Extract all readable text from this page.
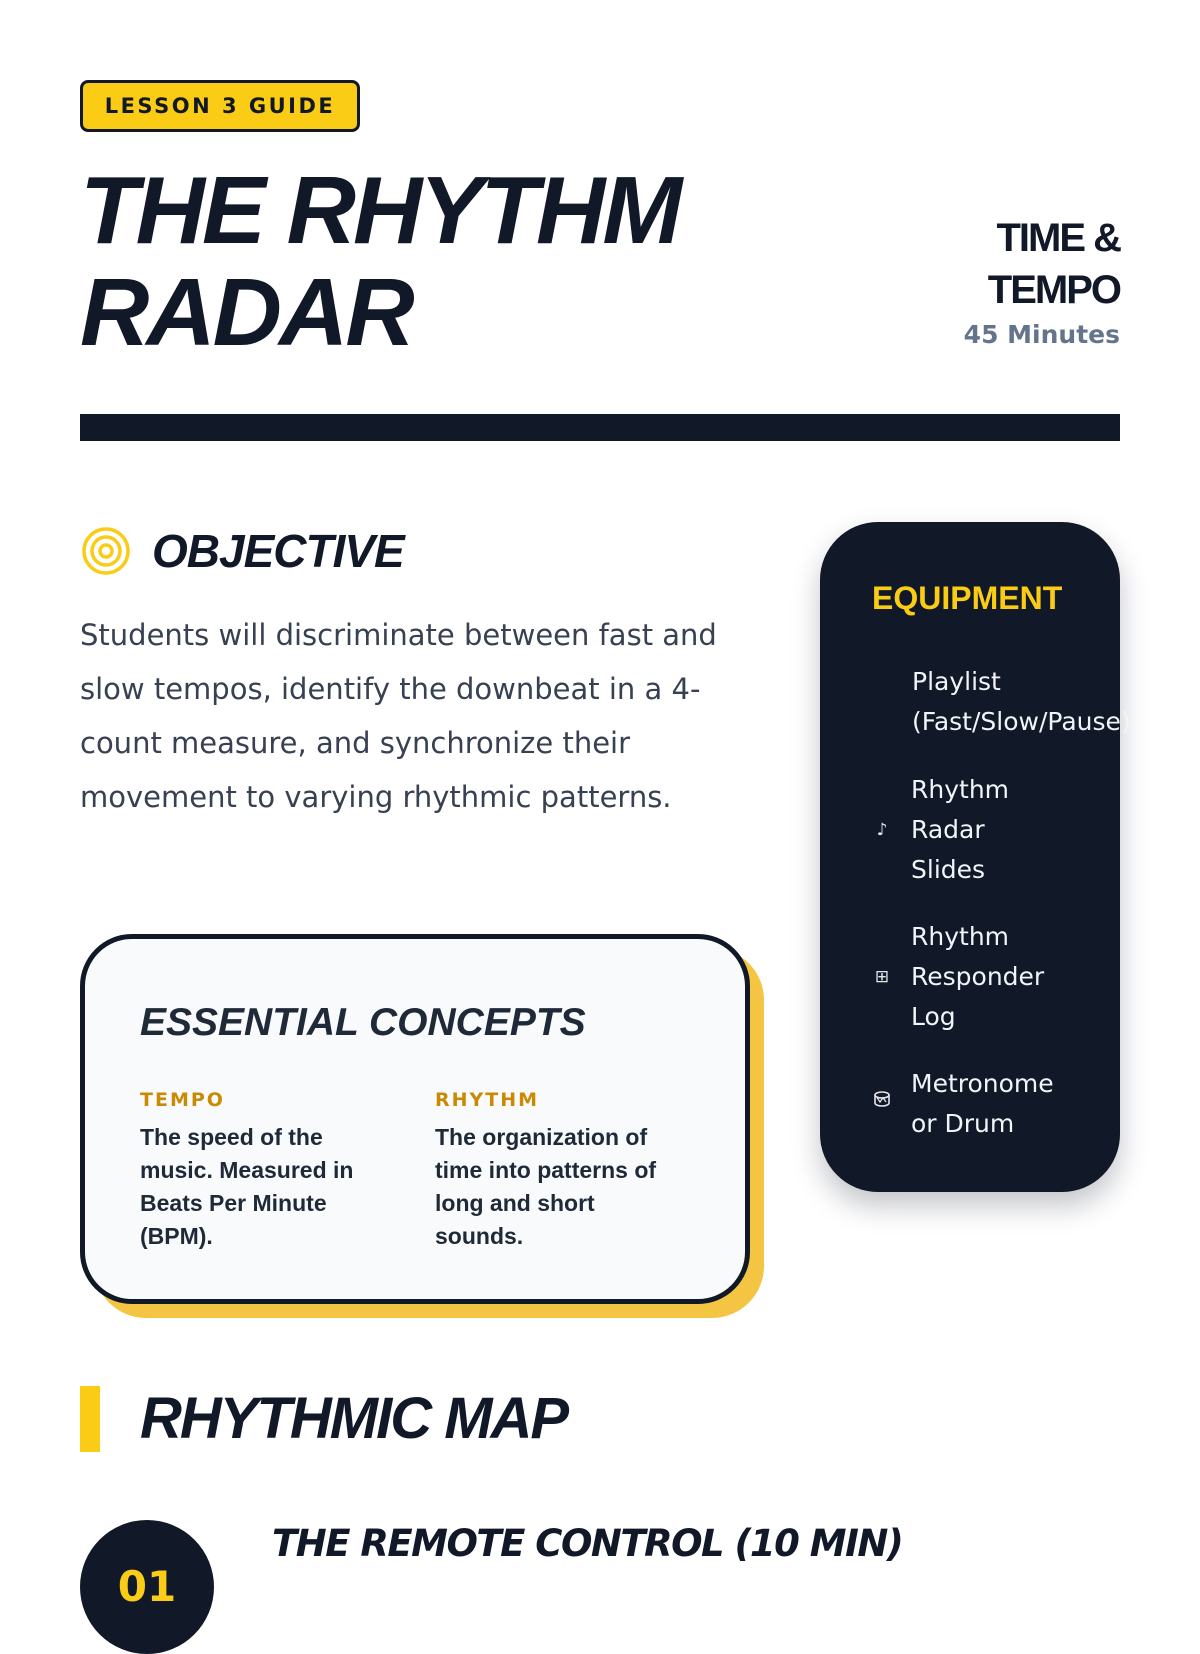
LESSON 3 GUIDE
THE RHYTHM
RADAR
TIME & TEMPO
45 Minutes
OBJECTIVE

Students will discriminate between fast and slow tempos, identify the downbeat in a 4-count measure, and synchronize their movement to varying rhythmic patterns.

ESSENTIAL CONCEPTS
TEMPO
The speed of the music. Measured in Beats Per Minute (BPM).
RHYTHM
The organization of time into patterns of long and short sounds.
EQUIPMENT
Playlist (Fast/Slow/Pause)
♪
Rhythm Radar Slides
⊞
Rhythm Responder Log
Metronome or Drum
RHYTHMIC MAP
01
THE REMOTE CONTROL (10 MIN)
